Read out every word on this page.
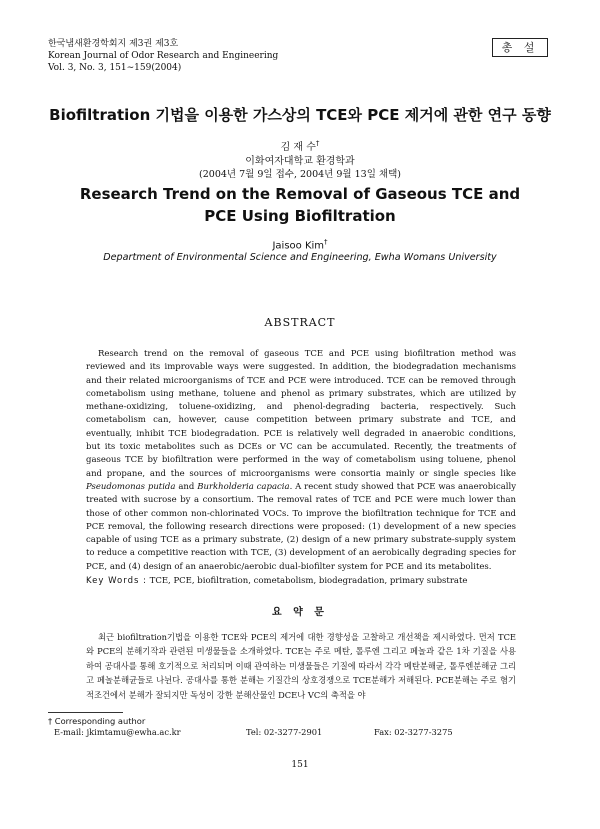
한국냄새환경학회지 제3권 제3호
Korean Journal of Odor Research and Engineering
Vol. 3, No. 3, 151∼159(2004)
총 설
Biofiltration 기법을 이용한 가스상의 TCE와 PCE 제거에 관한 연구 동향
김 재 수†
이화여자대학교 환경학과
(2004년 7월 9일 접수, 2004년 9월 13일 채택)
Research Trend on the Removal of Gaseous TCE and
PCE Using Biofiltration
Jaisoo Kim†
Department of Environmental Science and Engineering, Ewha Womans University
ABSTRACT

Research trend on the removal of gaseous TCE and PCE using biofiltration method was reviewed and its improvable ways were suggested. In addition, the biodegradation mechanisms and their related microorganisms of TCE and PCE were introduced. TCE can be removed through cometabolism using methane, toluene and phenol as primary substrates, which are utilized by methane-oxidizing, toluene-oxidizing, and phenol-degrading bacteria, respectively. Such cometabolism can, however, cause competition between primary substrate and TCE, and eventually, inhibit TCE biodegradation. PCE is relatively well degraded in anaerobic conditions, but its toxic metabolites such as DCEs or VC can be accumulated. Recently, the treatments of gaseous TCE by biofiltration were performed in the way of cometabolism using toluene, phenol and propane, and the sources of microorganisms were consortia mainly or single species like Pseudomonas putida and Burkholderia capacia. A recent study showed that PCE was anaerobically treated with sucrose by a consortium. The removal rates of TCE and PCE were much lower than those of other common non-chlorinated VOCs. To improve the biofiltration technique for TCE and PCE removal, the following research directions were proposed: (1) development of a new species capable of using TCE as a primary substrate, (2) design of a new primary substrate-supply system to reduce a competitive reaction with TCE, (3) development of an aerobically degrading species for PCE, and (4) design of an anaerobic/aerobic dual-biofilter system for PCE and its metabolites.

Key Words : TCE, PCE, biofiltration, cometabolism, biodegradation, primary substrate
요 약 문

최근 biofiltration기법을 이용한 TCE와 PCE의 제거에 대한 경향성을 고찰하고 개선책을 제시하였다. 먼저 TCE와 PCE의 분해기작과 관련된 미생물들을 소개하였다. TCE는 주로 메탄, 톨루엔 그리고 페놀과 같은 1차 기질을 사용하여 공대사를 통해 호기적으로 처리되며 이때 관여하는 미생물들은 기질에 따라서 각각 메탄분해균, 톨루엔분해균 그리고 페놀분해균들로 나뉜다. 공대사를 통한 분해는 기질간의 상호경쟁으로 TCE분해가 저해된다. PCE분해는 주로 혐기적조건에서 분해가 잘되지만 독성이 강한 분해산물인 DCE나 VC의 축적을 야

† Corresponding author
E-mail: jkimtamu@ewha.ac.kr	Tel: 02-3277-2901	Fax: 02-3277-3275
151
